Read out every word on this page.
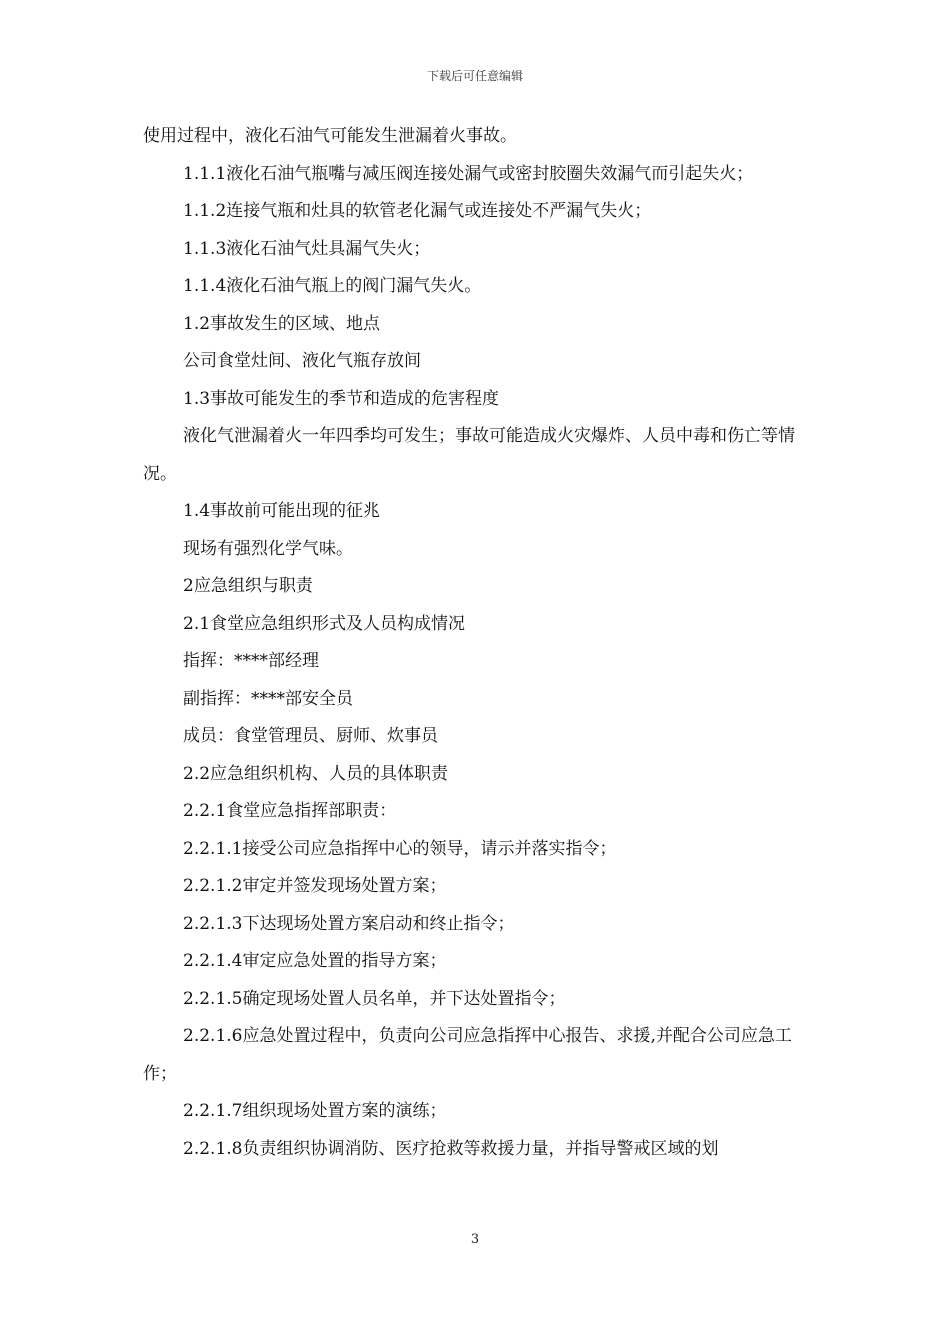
下载后可任意编辑

使用过程中，液化石油气可能发生泄漏着火事故。

1.1.1液化石油气瓶嘴与减压阀连接处漏气或密封胶圈失效漏气而引起失火；

1.1.2连接气瓶和灶具的软管老化漏气或连接处不严漏气失火；

1.1.3液化石油气灶具漏气失火；

1.1.4液化石油气瓶上的阀门漏气失火。

1.2事故发生的区域、地点

公司食堂灶间、液化气瓶存放间

1.3事故可能发生的季节和造成的危害程度

液化气泄漏着火一年四季均可发生；事故可能造成火灾爆炸、人员中毒和伤亡等情况。

1.4事故前可能出现的征兆

现场有强烈化学气味。

2应急组织与职责

2.1食堂应急组织形式及人员构成情况

指挥：****部经理

副指挥：****部安全员

成员：食堂管理员、厨师、炊事员

2.2应急组织机构、人员的具体职责

2.2.1食堂应急指挥部职责：

2.2.1.1接受公司应急指挥中心的领导，请示并落实指令；

2.2.1.2审定并签发现场处置方案；

2.2.1.3下达现场处置方案启动和终止指令；

2.2.1.4审定应急处置的指导方案；

2.2.1.5确定现场处置人员名单，并下达处置指令；

2.2.1.6应急处置过程中，负责向公司应急指挥中心报告、求援,并配合公司应急工作；

2.2.1.7组织现场处置方案的演练；

2.2.1.8负责组织协调消防、医疗抢救等救援力量，并指导警戒区域的划

3
